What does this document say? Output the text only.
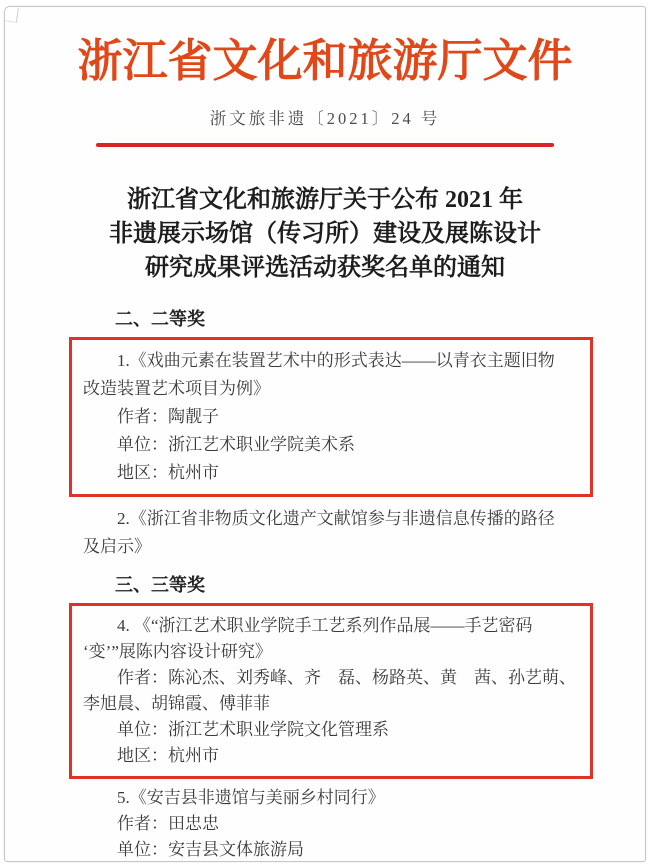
浙江省文化和旅游厅文件
浙文旅非遗〔2021〕24 号
浙江省文化和旅游厅关于公布 2021 年
非遗展示场馆（传习所）建设及展陈设计
研究成果评选活动获奖名单的通知
二、二等奖
1.《戏曲元素在装置艺术中的形式表达——以青衣主题旧物
改造装置艺术项目为例》
作者：陶靓子
单位：浙江艺术职业学院美术系
地区：杭州市
2.《浙江省非物质文化遗产文献馆参与非遗信息传播的路径
及启示》
三、三等奖
4. 《“浙江艺术职业学院手工艺系列作品展——手艺密码
‘变’”展陈内容设计研究》
作者：陈沁杰、刘秀峰、齐　磊、杨路英、黄　茜、孙艺萌、
李旭晨、胡锦霞、傅菲菲
单位：浙江艺术职业学院文化管理系
地区：杭州市
5.《安吉县非遗馆与美丽乡村同行》
作者：田忠忠
单位：安吉县文体旅游局
